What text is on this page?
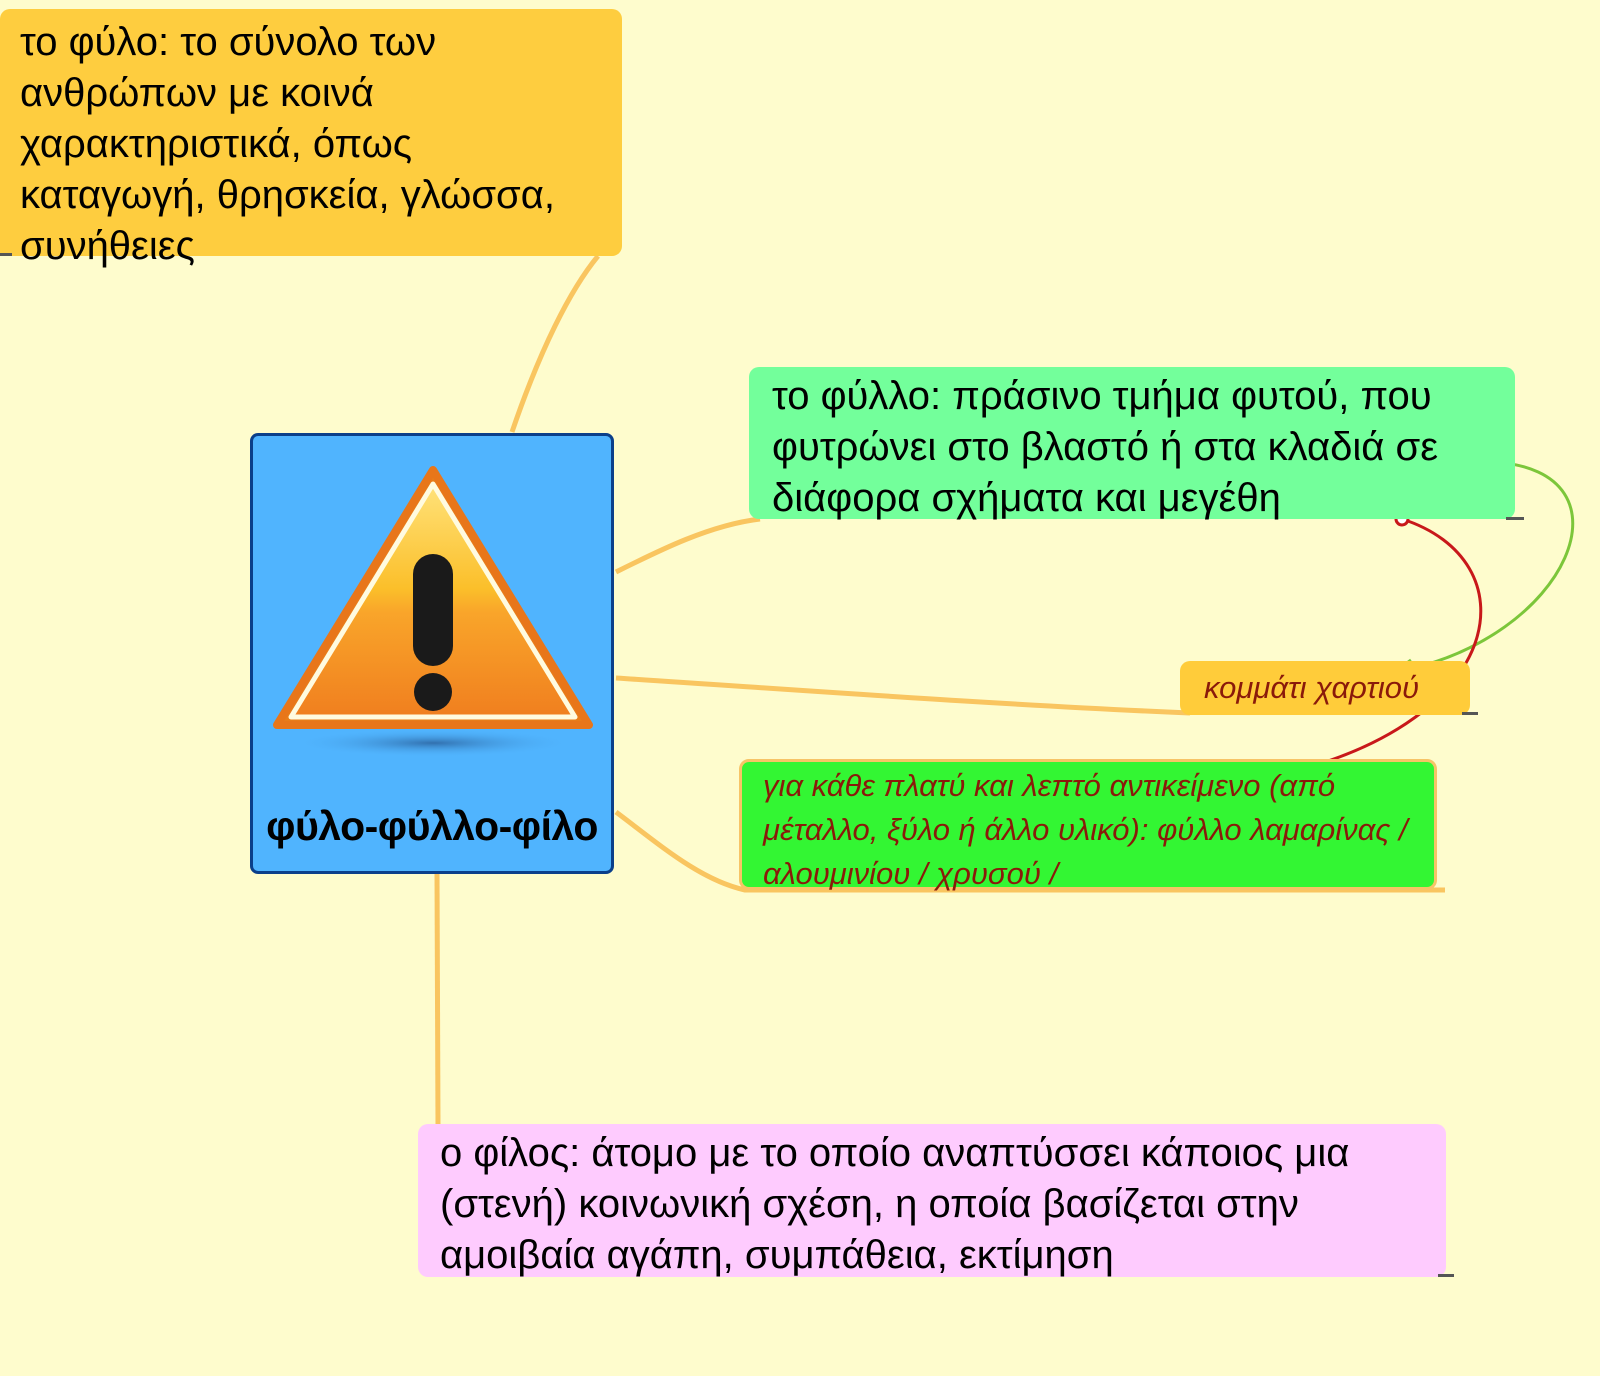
το φύλο: το σύνολο των ανθρώπων με κοινά χαρακτηριστικά, όπως καταγωγή, θρησκεία, γλώσσα, συνήθειες
το φύλλο: πράσινο τμήμα φυτού, που φυτρώνει στο βλαστό ή στα κλαδιά σε διάφορα σχήματα και μεγέθη
κομμάτι χαρτιού
για κάθε πλατύ και λεπτό αντικείμενο (από μέταλλο, ξύλο ή άλλο υλικό): φύλλο λαμαρίνας / αλουμινίου / χρυσού /
ο φίλος: άτομο με το οποίο αναπτύσσει κάποιος μια (στενή) κοινωνική σχέση, η οποία βασίζεται στην αμοιβαία αγάπη, συμπάθεια, εκτίμηση
φύλο-φύλλο-φίλο
